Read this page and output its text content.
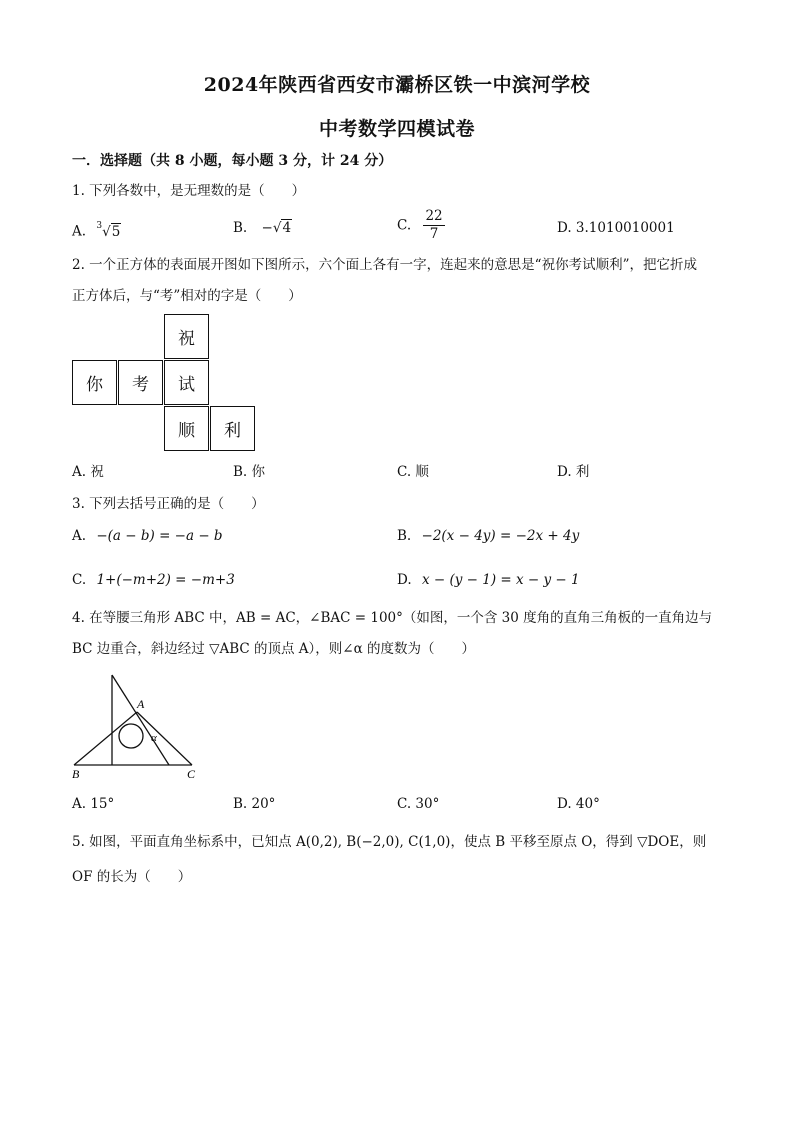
2024年陕西省西安市灞桥区铁一中滨河学校
中考数学四模试卷
一．选择题（共 8 小题，每小题 3 分，计 24 分）
1. 下列各数中，是无理数的是（　　）
A. $^3$√5	B. −√4	C. $\frac{22}{7}$	D. 3.1010010001
2. 一个正方体的表面展开图如下图所示，六个面上各有一字，连起来的意思是“祝你考试顺利”，把它折成
正方体后，与“考”相对的字是（　　）
祝
你	考	试
顺	利
A. 祝	B. 你	C. 顺	D. 利
3. 下列去括号正确的是（　　）
A. −(a − b) = −a − b	B. −2(x − 4y) = −2x + 4y
C. 1+(−m+2) = −m+3	D. x − (y − 1) = x − y − 1
4. 在等腰三角形 ABC 中，AB = AC，∠BAC = 100°（如图，一个含 30 度角的直角三角板的一直角边与
BC 边重合，斜边经过 ▽ABC 的顶点 A），则∠α 的度数为（　　）
A
B	C
α
A. 15°	B. 20°	C. 30°	D. 40°
5. 如图，平面直角坐标系中，已知点 A(0,2), B(−2,0), C(1,0)，使点 B 平移至原点 O，得到 ▽DOE，则
OF 的长为（　　）
